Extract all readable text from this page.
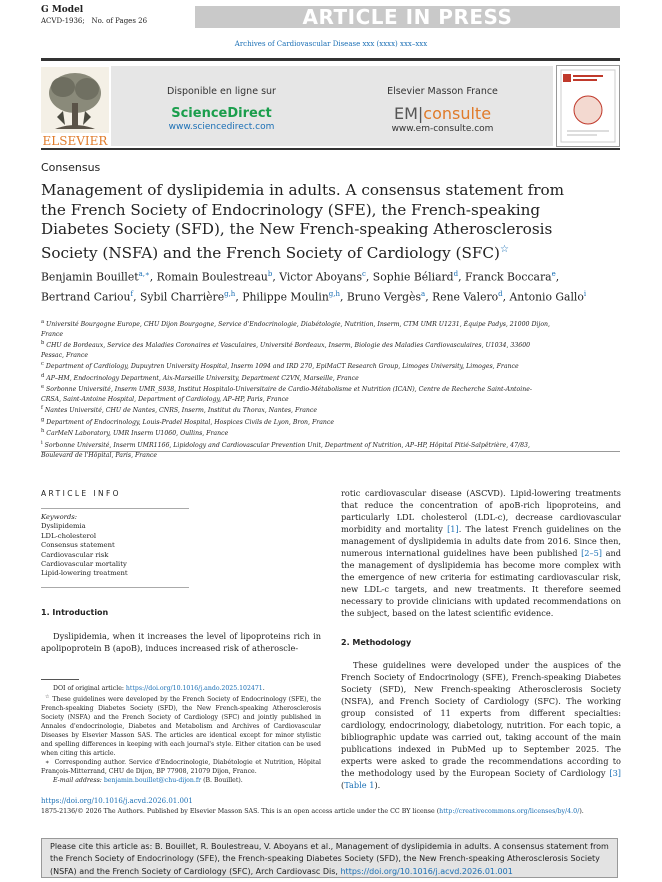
G Model
ACVD-1936; No. of Pages 26	ARTICLE IN PRESS
Archives of Cardiovascular Disease xxx (xxxx) xxx–xxx
ELSEVIER
Disponible en ligne sur
ScienceDirect
www.sciencedirect.com
Elsevier Masson France
EM|consulte
www.em-consulte.com
Consensus
Management of dyslipidemia in adults. A consensus statement from the French Society of Endocrinology (SFE), the French-speaking Diabetes Society (SFD), the New French-speaking Atherosclerosis Society (NSFA) and the French Society of Cardiology (SFC)☆
Benjamin Bouillet$^{a,∗}$, Romain Boulestreau$^b$, Victor Aboyans$^c$, Sophie Béliard$^d$, Franck Boccara$^e$, Bertrand Cariou$^f$, Sybil Charrière$^{g,h}$, Philippe Moulin$^{g,h}$, Bruno Vergès$^a$, Rene Valero$^d$, Antonio Gallo$^i$
$^a$ Université Bourgogne Europe, CHU Dijon Bourgogne, Service d'Endocrinologie, Diabétologie, Nutrition, Inserm, CTM UMR U1231, Équipe Padys, 21000 Dijon, France
$^b$ CHU de Bordeaux, Service des Maladies Coronaires et Vasculaires, Université Bordeaux, Inserm, Biologie des Maladies Cardiovasculaires, U1034, 33600 Pessac, France
$^c$ Department of Cardiology, Dupuytren University Hospital, Inserm 1094 and IRD 270, EpiMaCT Research Group, Limoges University, Limoges, France
$^d$ AP–HM, Endocrinology Department, Aix-Marseille University, Department C2VN, Marseille, France
$^e$ Sorbonne Université, Inserm UMR_S938, Institut Hospitalo-Universitaire de Cardio-Métabolisme et Nutrition (ICAN), Centre de Recherche Saint-Antoine-CRSA, Saint-Antoine Hospital, Department of Cardiology, AP–HP, Paris, France
$^f$ Nantes Université, CHU de Nantes, CNRS, Inserm, Institut du Thorax, Nantes, France
$^g$ Department of Endocrinology, Louis-Pradel Hospital, Hospices Civils de Lyon, Bron, France
$^h$ CarMeN Laboratory, UMR Inserm U1060, Oullins, France
$^i$ Sorbonne Université, Inserm UMR1166, Lipidology and Cardiovascular Prevention Unit, Department of Nutrition, AP–HP, Hôpital Pitié-Salpêtrière, 47/83, Boulevard de l'Hôpital, Paris, France
ARTICLE INFO
Keywords:
Dyslipidemia
LDL-cholesterol
Consensus statement
Cardiovascular risk
Cardiovascular mortality
Lipid-lowering treatment
1. Introduction
Dyslipidemia, when it increases the level of lipoproteins rich in apolipoprotein B (apoB), induces increased risk of atheroscle-

DOI of original article: https://doi.org/10.1016/j.ando.2025.102471.

☆ These guidelines were developed by the French Society of Endocrinology (SFE), the French-speaking Diabetes Society (SFD), the New French-speaking Atherosclerosis Society (NSFA) and the French Society of Cardiology (SFC) and jointly published in Annales d'endocrinologie, Diabetes and Metabolism and Archives of Cardiovascular Diseases by Elsevier Masson SAS. The articles are identical except for minor stylistic and spelling differences in keeping with each journal's style. Either citation can be used when citing this article.

∗  Corresponding author. Service d'Endocrinologie, Diabétologie et Nutrition, Hôpital François-Mitterrand, CHU de Dijon, BP 77908, 21079 Dijon, France.

E-mail address: benjamin.bouillet@chu-dijon.fr (B. Bouillet).

rotic cardiovascular disease (ASCVD). Lipid-lowering treatments that reduce the concentration of apoB-rich lipoproteins, and particularly LDL cholesterol (LDL-c), decrease cardiovascular morbidity and mortality [1]. The latest French guidelines on the management of dyslipidemia in adults date from 2016. Since then, numerous international guidelines have been published [2–5] and the management of dyslipidemia has become more complex with the emergence of new criteria for estimating cardiovascular risk, new LDL-c targets, and new treatments. It therefore seemed necessary to provide clinicians with updated recommendations on the subject, based on the latest scientific evidence.
2. Methodology
These guidelines were developed under the auspices of the French Society of Endocrinology (SFE), French-speaking Diabetes Society (SFD), New French-speaking Atherosclerosis Society (NSFA), and French Society of Cardiology (SFC). The working group consisted of 11 experts from different specialties: cardiology, endocrinology, diabetology, nutrition. For each topic, a bibliographic update was carried out, taking account of the main publications indexed in PubMed up to September 2025. The experts were asked to grade the recommendations according to the methodology used by the European Society of Cardiology [3] (Table 1).
https://doi.org/10.1016/j.acvd.2026.01.001
1875-2136/© 2026 The Authors. Published by Elsevier Masson SAS. This is an open access article under the CC BY license (http://creativecommons.org/licenses/by/4.0/).
Please cite this article as: B. Bouillet, R. Boulestreau, V. Aboyans et al., Management of dyslipidemia in adults. A consensus statement from the French Society of Endocrinology (SFE), the French-speaking Diabetes Society (SFD), the New French-speaking Atherosclerosis Society (NSFA) and the French Society of Cardiology (SFC), Arch Cardiovasc Dis, https://doi.org/10.1016/j.acvd.2026.01.001
